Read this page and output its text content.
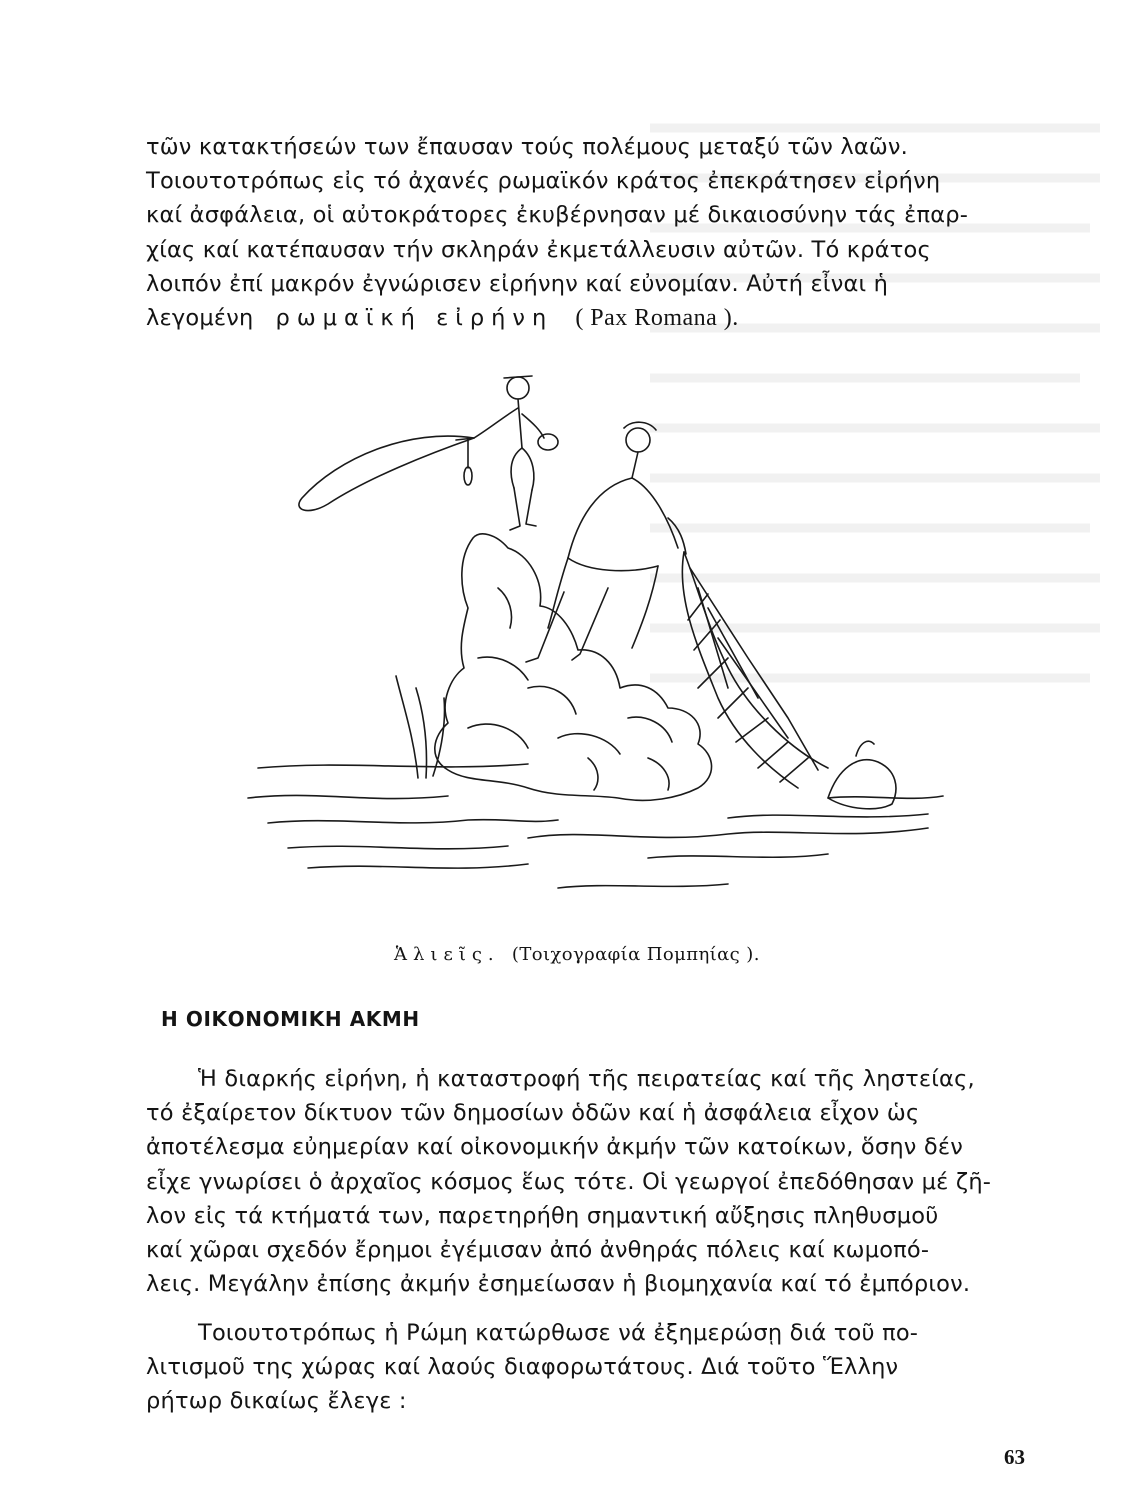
τῶν κατακτήσεών των ἔπαυσαν τούς πολέμους μεταξύ τῶν λαῶν.
Τοιουτοτρόπως εἰς τό ἀχανές ρωμαϊκόν κράτος ἐπεκράτησεν εἰρήνη
καί ἀσφάλεια, οἱ αὐτοκράτορες ἐκυβέρνησαν μέ δικαιοσύνην τάς ἐπαρ-
χίας καί κατέπαυσαν τήν σκληράν ἐκμετάλλευσιν αὐτῶν. Τό κράτος
λοιπόν ἐπί μακρόν ἐγνώρισεν εἰρήνην καί εὐνομίαν. Αὐτή εἶναι ἡ
λεγομένη ρωμαϊκή εἰρήνη ( Pax Romana ).
Ἁλιεῖς. (Τοιχογραφία Πομπηίας ).
Η ΟΙΚΟΝΟΜΙΚΗ ΑΚΜΗ
Ἡ διαρκής εἰρήνη, ἡ καταστροφή τῆς πειρατείας καί τῆς ληστείας,
τό ἐξαίρετον δίκτυον τῶν δημοσίων ὁδῶν καί ἡ ἀσφάλεια εἶχον ὡς
ἀποτέλεσμα εὐημερίαν καί οἰκονομικήν ἀκμήν τῶν κατοίκων, ὅσην δέν
εἶχε γνωρίσει ὁ ἀρχαῖος κόσμος ἕως τότε. Οἱ γεωργοί ἐπεδόθησαν μέ ζῆ-
λον εἰς τά κτήματά των, παρετηρήθη σημαντική αὔξησις πληθυσμοῦ
καί χῶραι σχεδόν ἔρημοι ἐγέμισαν ἀπό ἀνθηράς πόλεις καί κωμοπό-
λεις. Μεγάλην ἐπίσης ἀκμήν ἐσημείωσαν ἡ βιομηχανία καί τό ἐμπόριον.
Τοιουτοτρόπως ἡ Ρώμη κατώρθωσε νά ἐξημερώσῃ διά τοῦ πο-
λιτισμοῦ της χώρας καί λαούς διαφορωτάτους. Διά τοῦτο Ἕλλην
ρήτωρ δικαίως ἔλεγε :
63
